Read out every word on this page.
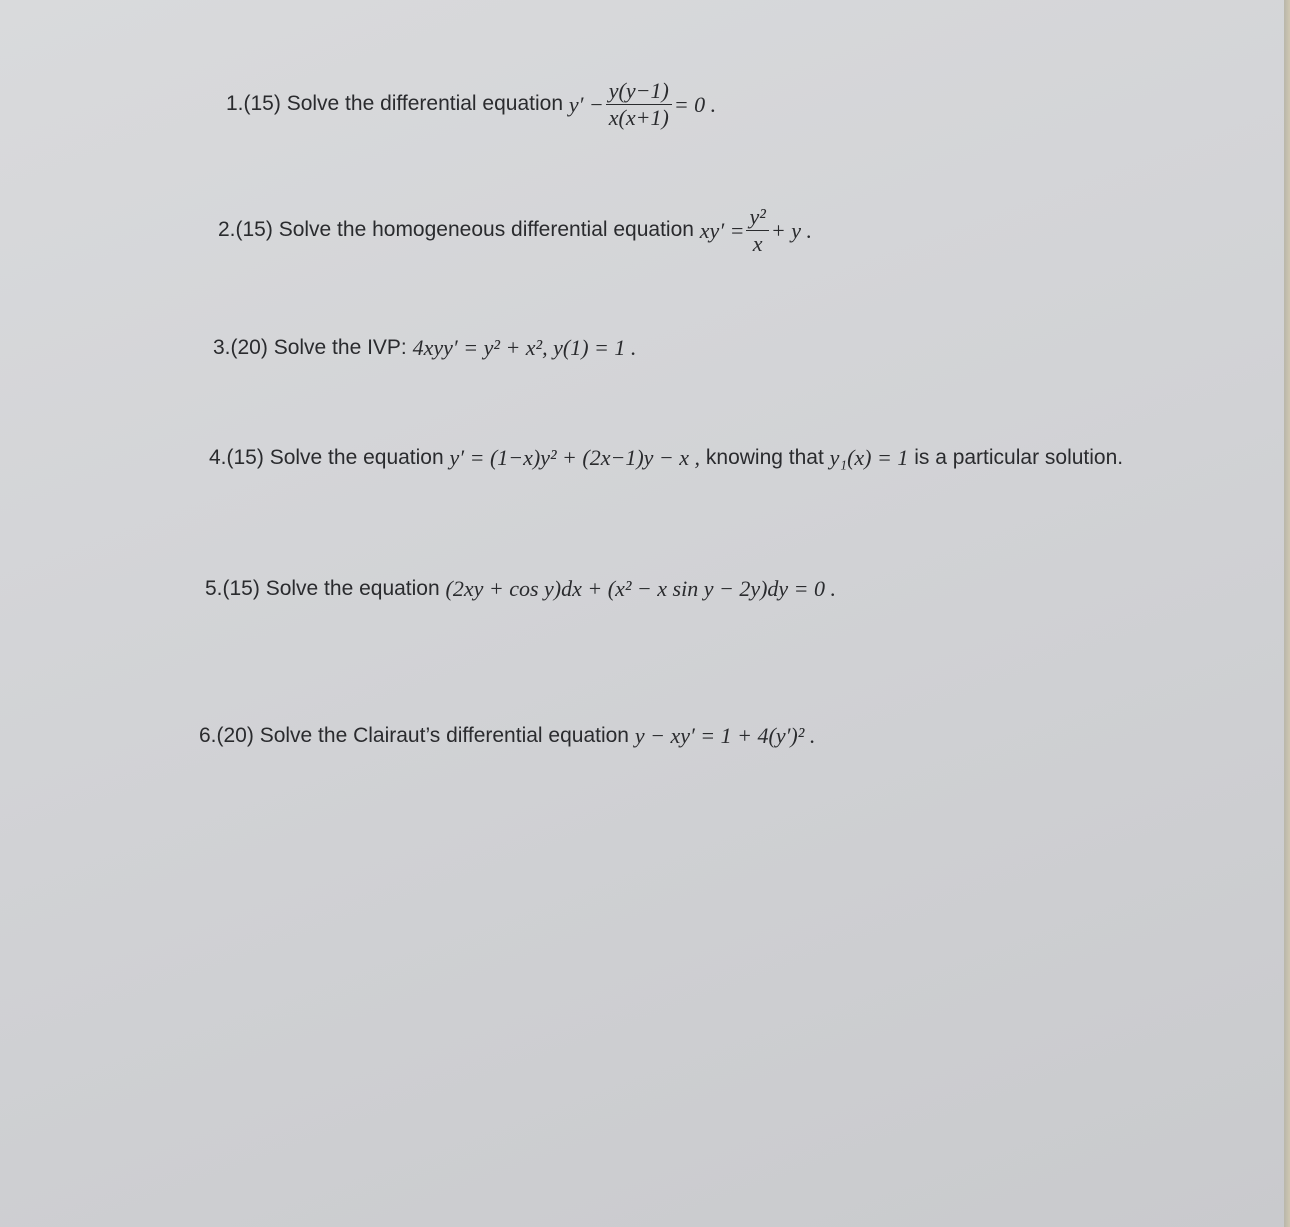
1.(15) Solve the differential equation $y' - \frac{y(y-1)}{x(x+1)} = 0$ .
2.(15) Solve the homogeneous differential equation $xy' = \frac{\text{y²}}{x} + y$ .
3.(20) Solve the IVP: 4xyy′ = y² + x², y(1) = 1 .
4.(15) Solve the equation y′ = (1−x)y² + (2x−1)y − x , knowing that y₁(x) = 1 is a particular solution.
5.(15) Solve the equation (2xy + cos y)dx + (x² − x sin y − 2y)dy = 0 .
6.(20) Solve the Clairaut’s differential equation y − xy′ = 1 + 4(y′)² .
